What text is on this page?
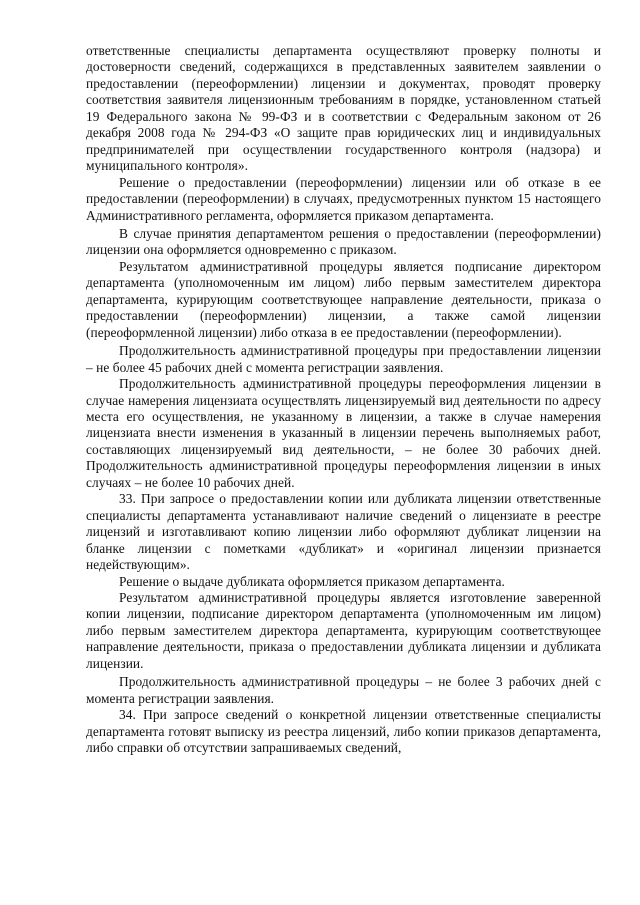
ответственные специалисты департамента осуществляют проверку полноты и достоверности сведений, содержащихся в представленных заявителем заявлении о предоставлении (переоформлении) лицензии и документах, проводят проверку соответствия заявителя лицензионным требованиям в порядке, установленном статьей 19 Федерального закона № 99-ФЗ и в соответствии с Федеральным законом от 26 декабря 2008 года № 294-ФЗ «О защите прав юридических лиц и индивидуальных предпринимателей при осуществлении государственного контроля (надзора) и муниципального контроля».

Решение о предоставлении (переоформлении) лицензии или об отказе в ее предоставлении (переоформлении) в случаях, предусмотренных пунктом 15 настоящего Административного регламента, оформляется приказом департамента.

В случае принятия департаментом решения о предоставлении (переоформлении) лицензии она оформляется одновременно с приказом.

Результатом административной процедуры является подписание директором департамента (уполномоченным им лицом) либо первым заместителем директора департамента, курирующим соответствующее направление деятельности, приказа о предоставлении (переоформлении) лицензии, а также самой лицензии (переоформленной лицензии) либо отказа в ее предоставлении (переоформлении).

Продолжительность административной процедуры при предоставлении лицензии – не более 45 рабочих дней с момента регистрации заявления.

Продолжительность административной процедуры переоформления лицензии в случае намерения лицензиата осуществлять лицензируемый вид деятельности по адресу места его осуществления, не указанному в лицензии, а также в случае намерения лицензиата внести изменения в указанный в лицензии перечень выполняемых работ, составляющих лицензируемый вид деятельности, – не более 30 рабочих дней. Продолжительность административной процедуры переоформления лицензии в иных случаях – не более 10 рабочих дней.

33. При запросе о предоставлении копии или дубликата лицензии ответственные специалисты департамента устанавливают наличие сведений о лицензиате в реестре лицензий и изготавливают копию лицензии либо оформляют дубликат лицензии на бланке лицензии с пометками «дубликат» и «оригинал лицензии признается недействующим».

Решение о выдаче дубликата оформляется приказом департамента.

Результатом административной процедуры является изготовление заверенной копии лицензии, подписание директором департамента (уполномоченным им лицом) либо первым заместителем директора департамента, курирующим соответствующее направление деятельности, приказа о предоставлении дубликата лицензии и дубликата лицензии.

Продолжительность административной процедуры – не более 3 рабочих дней с момента регистрации заявления.

34. При запросе сведений о конкретной лицензии ответственные специалисты департамента готовят выписку из реестра лицензий, либо копии приказов департамента, либо справки об отсутствии запрашиваемых сведений,
